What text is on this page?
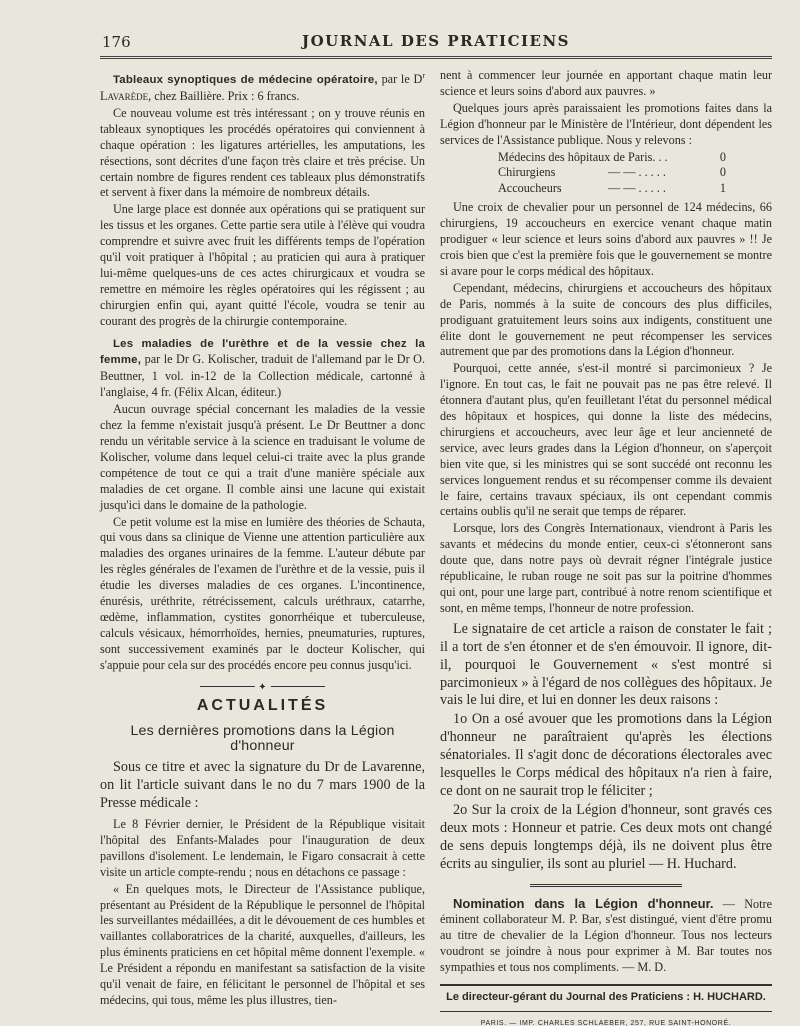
176	JOURNAL DES PRATICIENS
Tableaux synoptiques de médecine opératoire, par le $D^r$ Lavarède, chez Baillière. Prix : 6 francs.

Ce nouveau volume est très intéressant ; on y trouve réunis en tableaux synoptiques les procédés opératoires qui conviennent à chaque opération : les ligatures artérielles, les amputations, les résections, sont décrites d'une façon très claire et très précise. Un certain nombre de figures rendent ces tableaux plus démonstratifs et servent à fixer dans la mémoire de nombreux détails.

Une large place est donnée aux opérations qui se pratiquent sur les tissus et les organes. Cette partie sera utile à l'élève qui voudra comprendre et suivre avec fruit les différents temps de l'opération qu'il voit pratiquer à l'hôpital ; au praticien qui aura à pratiquer lui-même quelques-uns de ces actes chirurgicaux et voudra se remettre en mémoire les règles opératoires qui les régissent ; au chirurgien enfin qui, ayant quitté l'école, voudra se tenir au courant des progrès de la chirurgie contemporaine.

Les maladies de l'urèthre et de la vessie chez la femme, par le Dr G. Kolischer, traduit de l'allemand par le Dr O. Beuttner, 1 vol. in-12 de la Collection médicale, cartonné à l'anglaise, 4 fr. (Félix Alcan, éditeur.)

Aucun ouvrage spécial concernant les maladies de la vessie chez la femme n'existait jusqu'à présent. Le Dr Beuttner a donc rendu un véritable service à la science en traduisant le volume de Kolischer, volume dans lequel celui-ci traite avec la plus grande compétence de tout ce qui a trait d'une manière spéciale aux maladies de cet organe. Il comble ainsi une lacune qui existait jusqu'ici dans le domaine de la pathologie.

Ce petit volume est la mise en lumière des théories de Schauta, qui vous dans sa clinique de Vienne une attention particulière aux maladies des organes urinaires de la femme. L'auteur débute par les règles générales de l'examen de l'urèthre et de la vessie, puis il étudie les diverses maladies de ces organes. L'incontinence, énurésis, uréthrite, rétrécissement, calculs uréthraux, catarrhe, œdème, inflammation, cystites gonorrhéique et tuberculeuse, calculs vésicaux, hémorrhoïdes, hernies, pneumaturies, ruptures, sont successivement examinés par le docteur Kolischer, qui s'appuie pour cela sur des procédés encore peu connus jusqu'ici.

✦
ACTUALITÉS
Les dernières promotions dans la Légion d'honneur

Sous ce titre et avec la signature du Dr de Lavarenne, on lit l'article suivant dans le no du 7 mars 1900 de la Presse médicale :

Le 8 Février dernier, le Président de la République visitait l'hôpital des Enfants-Malades pour l'inauguration de deux pavillons d'isolement. Le lendemain, le Figaro consacrait à cette visite un article compte-rendu ; nous en détachons ce passage :

« En quelques mots, le Directeur de l'Assistance publique, présentant au Président de la République le personnel de l'hôpital les surveillantes médaillées, a dit le dévouement de ces humbles et vaillantes collaboratrices de la charité, auxquelles, d'ailleurs, les plus éminents praticiens en cet hôpital même donnent l'exemple. « Le Président a répondu en manifestant sa satisfaction de la visite qu'il venait de faire, en félicitant le personnel de l'hôpital et ses médecins, qui tous, même les plus illustres, tien-

nent à commencer leur journée en apportant chaque matin leur science et leurs soins d'abord aux pauvres. »

Quelques jours après paraissaient les promotions faites dans la Légion d'honneur par le Ministère de l'Intérieur, dont dépendent les services de l'Assistance publique. Nous y relevons :

Médecins des hôpitaux de Paris. . .	0
Chirurgiens	— — . . . . .	0
Accoucheurs	— — . . . . .	1

Une croix de chevalier pour un personnel de 124 médecins, 66 chirurgiens, 19 accoucheurs en exercice venant chaque matin prodiguer « leur science et leurs soins d'abord aux pauvres » !! Je crois bien que c'est la première fois que le gouvernement se montre si avare pour le corps médical des hôpitaux.

Cependant, médecins, chirurgiens et accoucheurs des hôpitaux de Paris, nommés à la suite de concours des plus difficiles, prodiguant gratuitement leurs soins aux indigents, constituent une élite dont le gouvernement ne peut récompenser les services autrement que par des promotions dans la Légion d'honneur.

Pourquoi, cette année, s'est-il montré si parcimonieux ? Je l'ignore. En tout cas, le fait ne pouvait pas ne pas être relevé. Il étonnera d'autant plus, qu'en feuilletant l'état du personnel médical des hôpitaux et hospices, qui donne la liste des médecins, chirurgiens et accoucheurs, avec leur âge et leur ancienneté de service, avec leurs grades dans la Légion d'honneur, on s'aperçoit bien vite que, si les ministres qui se sont succédé ont reconnu les services longuement rendus et su récompenser comme ils devaient le faire, certains travaux spéciaux, ils ont cependant commis certains oublis qu'il ne serait que temps de réparer.

Lorsque, lors des Congrès Internationaux, viendront à Paris les savants et médecins du monde entier, ceux-ci s'étonneront sans doute que, dans notre pays où devrait régner l'intégrale justice républicaine, le ruban rouge ne soit pas sur la poitrine d'hommes qui ont, pour une large part, contribué à notre renom scientifique et sont, en même temps, l'honneur de notre profession.

Le signataire de cet article a raison de constater le fait ; il a tort de s'en étonner et de s'en émouvoir. Il ignore, dit-il, pourquoi le Gouvernement « s'est montré si parcimonieux » à l'égard de nos collègues des hôpitaux. Je vais le lui dire, et lui en donner les deux raisons :

1o On a osé avouer que les promotions dans la Légion d'honneur ne paraîtraient qu'après les élections sénatoriales. Il s'agit donc de décorations électorales avec lesquelles le Corps médical des hôpitaux n'a rien à faire, ce dont on ne saurait trop le féliciter ;

2o Sur la croix de la Légion d'honneur, sont gravés ces deux mots : Honneur et patrie. Ces deux mots ont changé de sens depuis longtemps déjà, ils ne doivent plus être écrits au singulier, ils sont au pluriel — H. Huchard.

Nomination dans la Légion d'honneur. — Notre éminent collaborateur M. P. Bar, s'est distingué, vient d'être promu au titre de chevalier de la Légion d'honneur. Tous nos lecteurs voudront se joindre à nous pour exprimer à M. Bar toutes nos sympathies et tous nos compliments. — M. D.

Le directeur-gérant du Journal des Praticiens : H. HUCHARD.
PARIS. — IMP. CHARLES SCHLAEBER, 257, RUE SAINT-HONORÉ.
